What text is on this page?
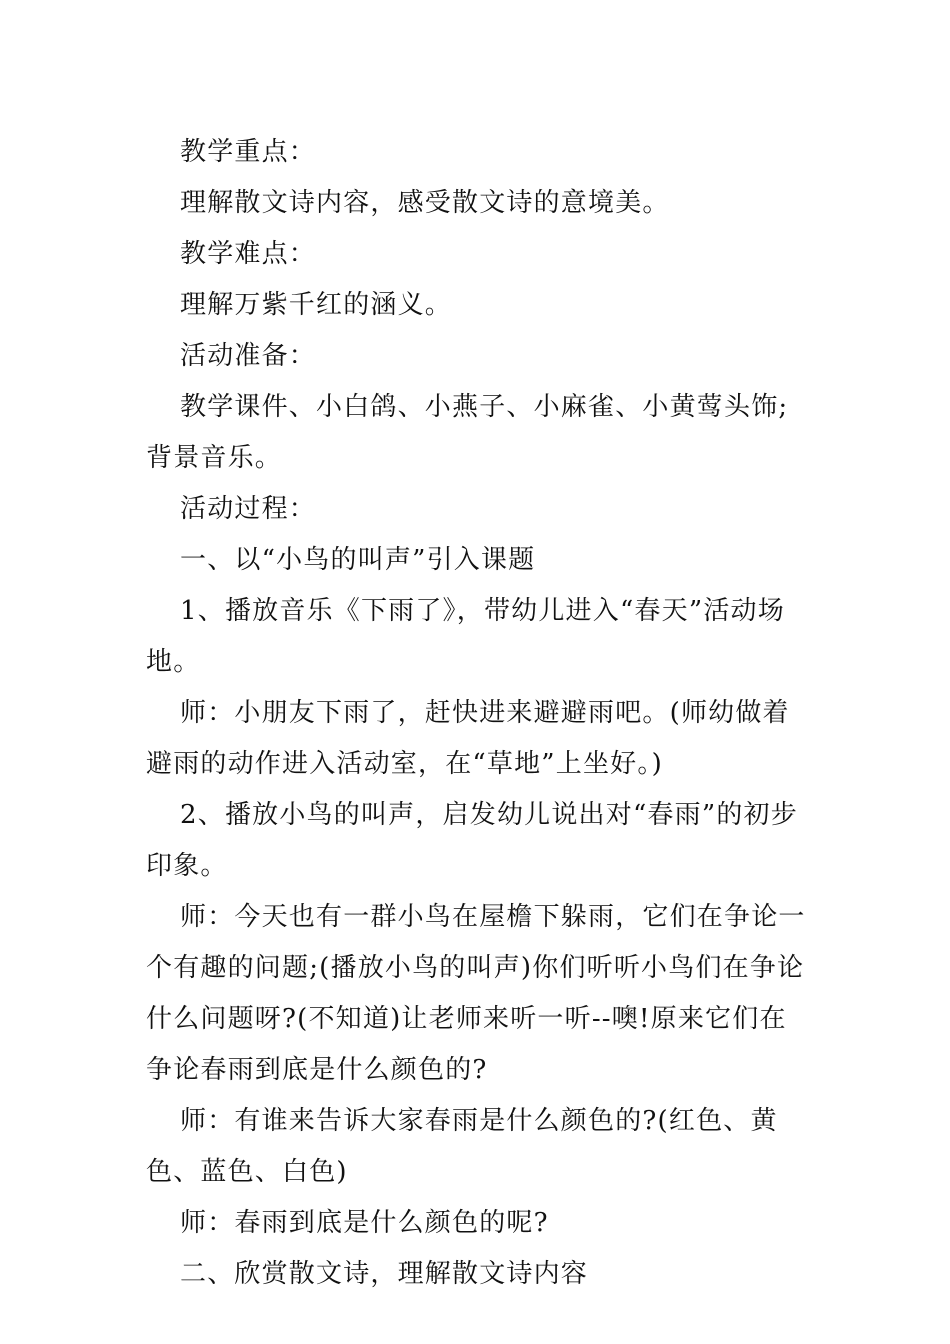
教学重点：

理解散文诗内容，感受散文诗的意境美。

教学难点：

理解万紫千红的涵义。

活动准备：

教学课件、小白鸽、小燕子、小麻雀、小黄莺头饰;背景音乐。

活动过程：

一、以“小鸟的叫声”引入课题

1、播放音乐《下雨了》，带幼儿进入“春天”活动场地。

师：小朋友下雨了，赶快进来避避雨吧。(师幼做着避雨的动作进入活动室，在“草地”上坐好。)

2、播放小鸟的叫声，启发幼儿说出对“春雨”的初步印象。

师：今天也有一群小鸟在屋檐下躲雨，它们在争论一个有趣的问题;(播放小鸟的叫声)你们听听小鸟们在争论什么问题呀?(不知道)让老师来听一听--噢!原来它们在争论春雨到底是什么颜色的?

师：有谁来告诉大家春雨是什么颜色的?(红色、黄色、蓝色、白色)

师：春雨到底是什么颜色的呢?

二、欣赏散文诗，理解散文诗内容
